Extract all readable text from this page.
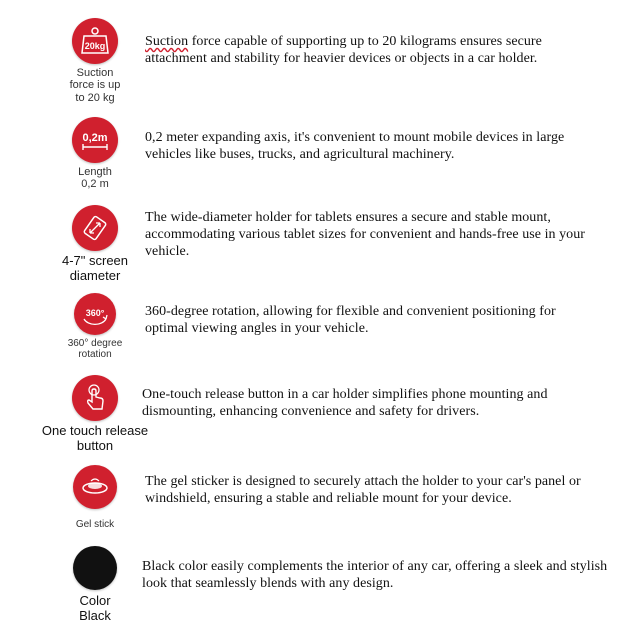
20kg
Suction force is up to 20 kg
Suction force capable of supporting up to 20 kilograms ensures secure attachment and stability for heavier devices or objects in a car holder.
0,2m
Length 0,2 m
0,2 meter expanding axis, it's convenient to mount mobile devices in large vehicles like buses, trucks, and agricultural machinery.
4-7" screen diameter
The wide-diameter holder for tablets ensures a secure and stable mount, accommodating various tablet sizes for convenient and hands-free use in your vehicle.
360°
360° degree rotation
360-degree rotation, allowing for flexible and convenient positioning for optimal viewing angles in your vehicle.
One touch release button
One-touch release button in a car holder simplifies phone mounting and dismounting, enhancing convenience and safety for drivers.
Gel stick
The gel sticker is designed to securely attach the holder to your car's panel or windshield, ensuring a stable and reliable mount for your device.
Color Black
Black color easily complements the interior of any car, offering a sleek and stylish look that seamlessly blends with any design.
